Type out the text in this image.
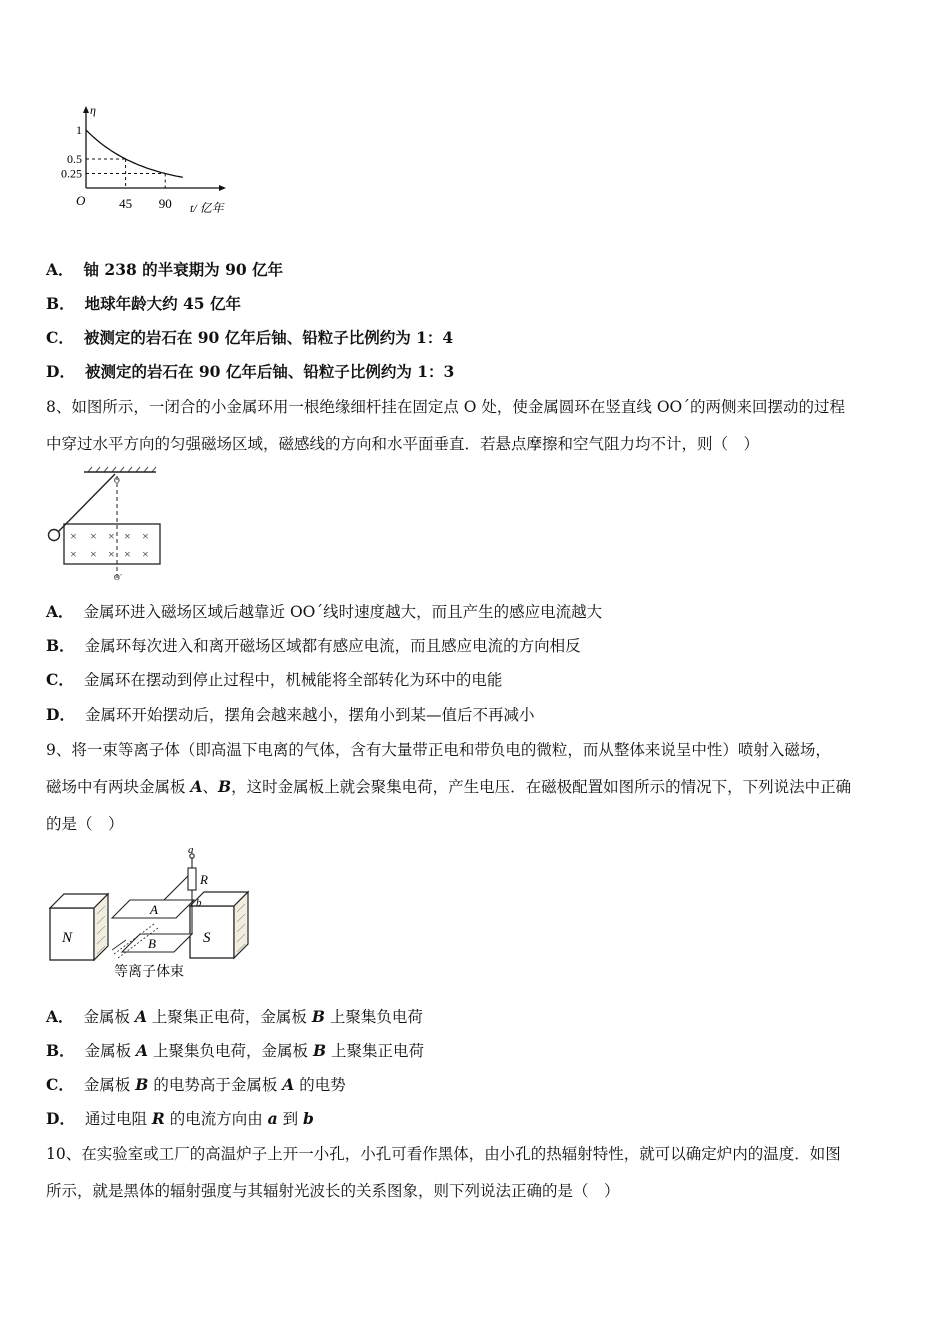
η
O	t/ 亿年
1
0.5
0.25
45 90
A． 铀 238 的半衰期为 90 亿年
B． 地球年龄大约 45 亿年
C． 被测定的岩石在 90 亿年后铀、铅粒子比例约为 1：4
D． 被测定的岩石在 90 亿年后铀、铅粒子比例约为 1：3
8、如图所示，一闭合的小金属环用一根绝缘细杆挂在固定点 O 处，使金属圆环在竖直线 OO´的两侧来回摆动的过程
中穿过水平方向的匀强磁场区域，磁感线的方向和水平面垂直．若悬点摩擦和空气阻力均不计，则（　）
× × × × ×
× × × × ×
O
O´
A． 金属环进入磁场区域后越靠近 OO´线时速度越大，而且产生的感应电流越大
B． 金属环每次进入和离开磁场区域都有感应电流，而且感应电流的方向相反
C． 金属环在摆动到停止过程中，机械能将全部转化为环中的电能
D． 金属环开始摆动后，摆角会越来越小，摆角小到某—值后不再减小
9、将一束等离子体（即高温下电离的气体，含有大量带正电和带负电的微粒，而从整体来说呈中性）喷射入磁场，
磁场中有两块金属板 A、B，这时金属板上就会聚集电荷，产生电压．在磁极配置如图所示的情况下，下列说法中正确
的是（　）
N	S
A
B
R
a
b
等离子体束
A． 金属板 A 上聚集正电荷，金属板 B 上聚集负电荷
B． 金属板 A 上聚集负电荷，金属板 B 上聚集正电荷
C． 金属板 B 的电势高于金属板 A 的电势
D． 通过电阻 R 的电流方向由 a 到 b
10、在实验室或工厂的高温炉子上开一小孔，小孔可看作黑体，由小孔的热辐射特性，就可以确定炉内的温度．如图
所示，就是黑体的辐射强度与其辐射光波长的关系图象，则下列说法正确的是（　）
